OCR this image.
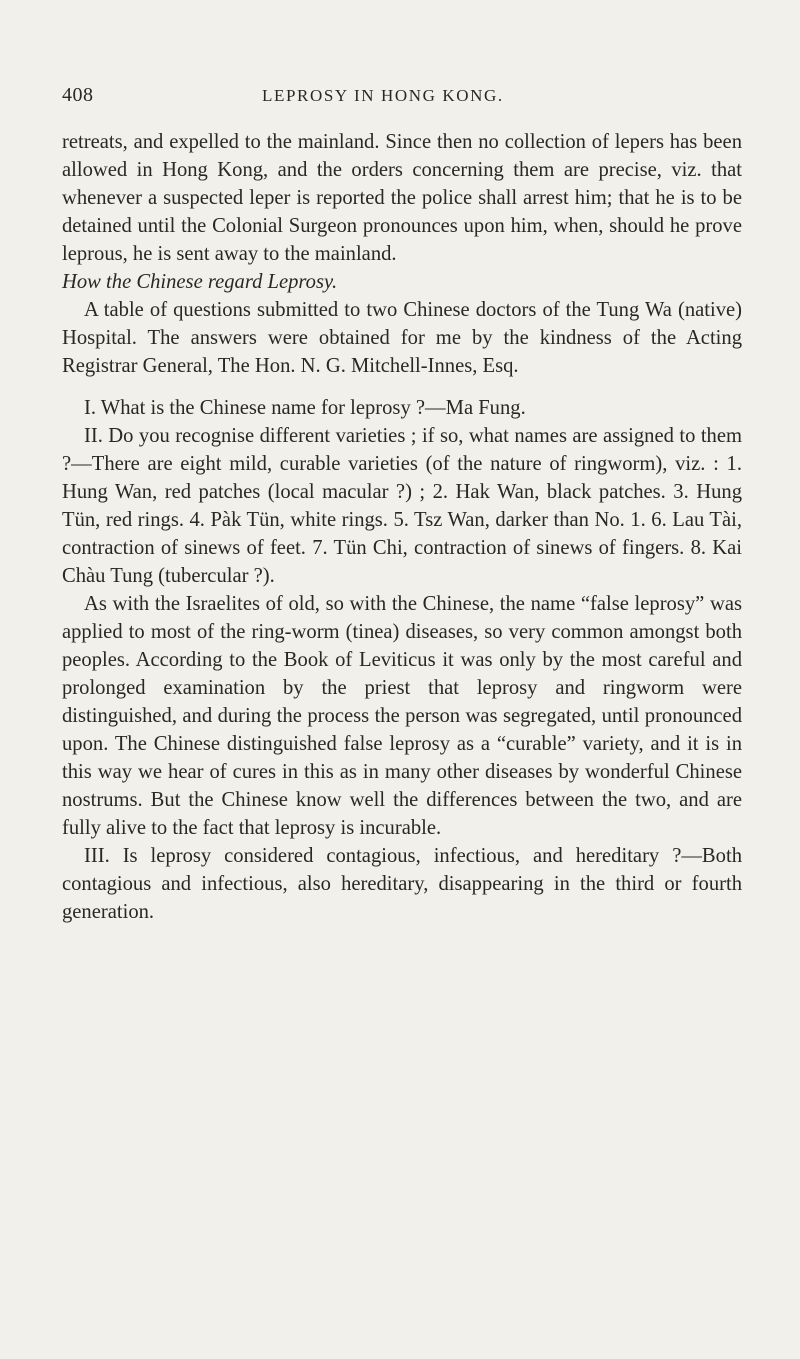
408	LEPROSY IN HONG KONG.

retreats, and expelled to the mainland. Since then no collection of lepers has been allowed in Hong Kong, and the orders concerning them are precise, viz. that whenever a suspected leper is reported the police shall arrest him; that he is to be detained until the Colonial Surgeon pronounces upon him, when, should he prove leprous, he is sent away to the mainland.

How the Chinese regard Leprosy.

A table of questions submitted to two Chinese doctors of the Tung Wa (native) Hospital. The answers were obtained for me by the kindness of the Acting Registrar General, The Hon. N. G. Mitchell-Innes, Esq.

I. What is the Chinese name for leprosy ?—Ma Fung.

II. Do you recognise different varieties ; if so, what names are assigned to them ?—There are eight mild, curable varieties (of the nature of ringworm), viz. : 1. Hung Wan, red patches (local macular ?) ; 2. Hak Wan, black patches. 3. Hung Tün, red rings. 4. Pàk Tün, white rings. 5. Tsz Wan, darker than No. 1. 6. Lau Tài, contraction of sinews of feet. 7. Tün Chi, contraction of sinews of fingers. 8. Kai Chàu Tung (tubercular ?).

As with the Israelites of old, so with the Chinese, the name “false leprosy” was applied to most of the ring-worm (tinea) diseases, so very common amongst both peoples. According to the Book of Leviticus it was only by the most careful and prolonged examination by the priest that leprosy and ringworm were distinguished, and during the process the person was segregated, until pronounced upon. The Chinese distinguished false leprosy as a “curable” variety, and it is in this way we hear of cures in this as in many other diseases by wonderful Chinese nostrums. But the Chinese know well the differences between the two, and are fully alive to the fact that leprosy is incurable.

III. Is leprosy considered contagious, infectious, and hereditary ?—Both contagious and infectious, also hereditary, disappearing in the third or fourth generation.
